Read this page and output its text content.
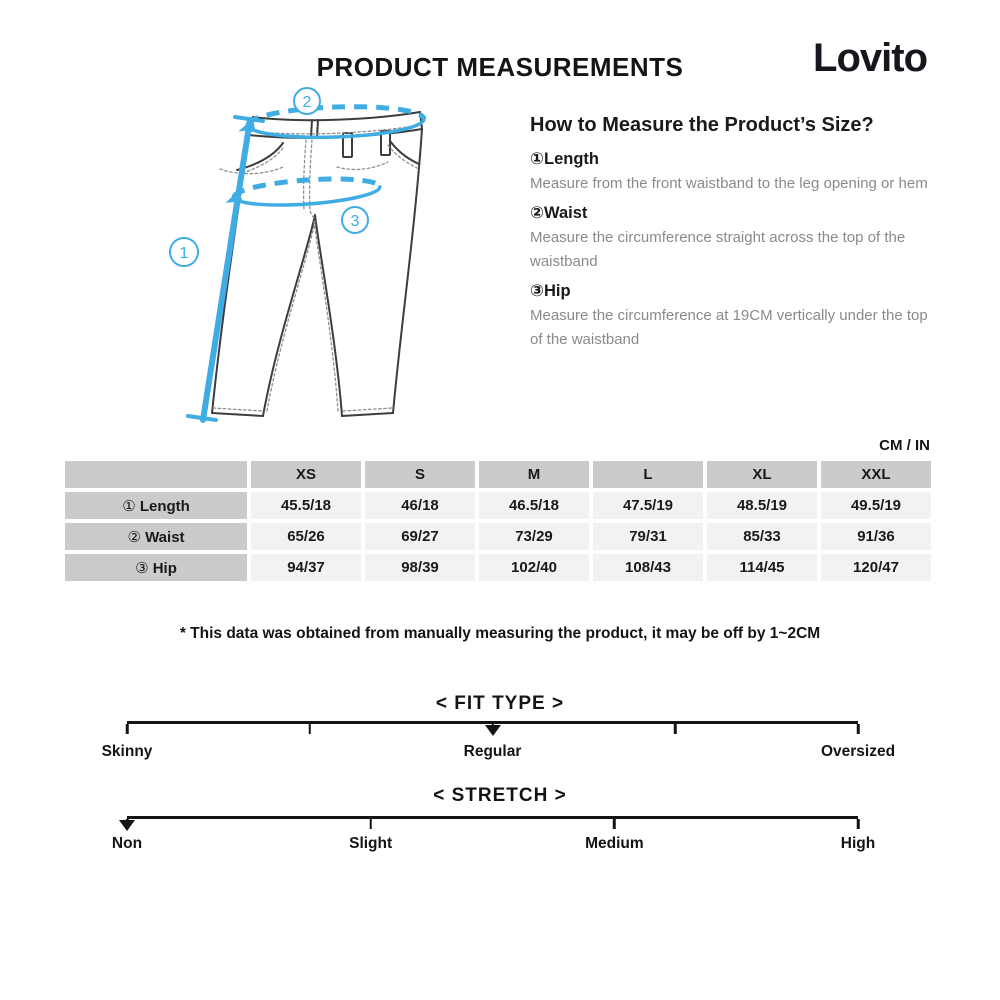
PRODUCT MEASUREMENTS	Lovito
1
2
3
How to Measure the Product’s Size?
①Length

Measure from the front waistband to the leg opening or hem

②Waist

Measure the circumference straight across the top of the waistband

③Hip

Measure the circumference at 19CM vertically under the top of the waistband

CM / IN
	XS	S	M	L	XL	XXL
① Length	45.5/18	46/18	46.5/18	47.5/19	48.5/19	49.5/19
② Waist	65/26	69/27	73/29	79/31	85/33	91/36
③ Hip	94/37	98/39	102/40	108/43	114/45	120/47
* This data was obtained from manually measuring the product, it may be off by 1~2CM
< FIT TYPE >
Skinny	Regular	Oversized
< STRETCH >
Non	Slight	Medium	High
